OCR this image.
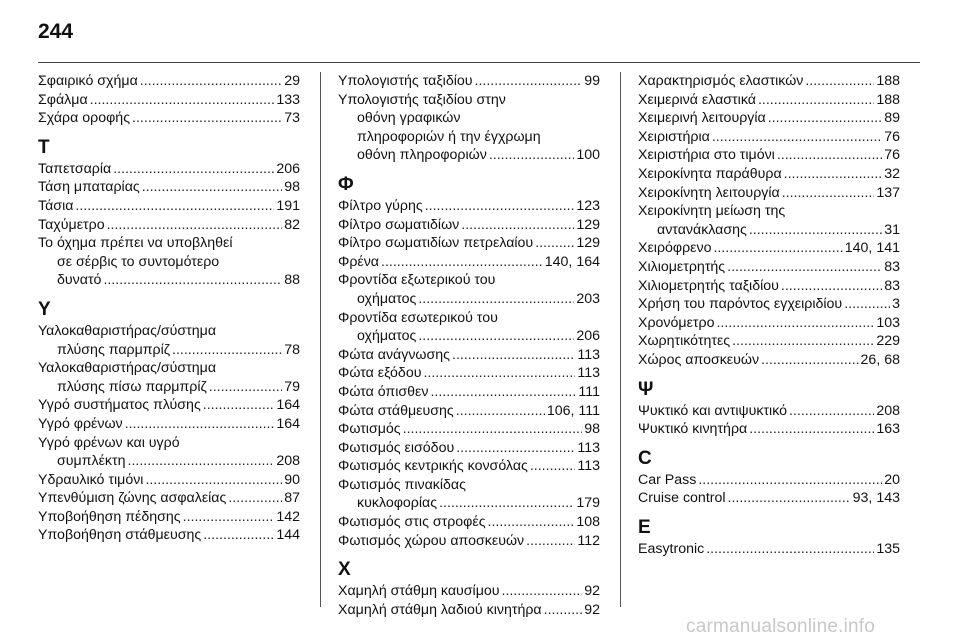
244
Σφαιρικό σχήμα .....	29
Σφάλμα .....	133
Σχάρα οροφής .....	73
Τ
Ταπετσαρία .....	206
Τάση μπαταρίας .....	98
Τάσια .....	191
Ταχύμετρο .....	82
Το όχημα πρέπει να υποβληθεί
σε σέρβις το συντομότερο
δυνατό .....	88
Υ
Υαλοκαθαριστήρας/σύστημα
πλύσης παρμπρίζ .....	78
Υαλοκαθαριστήρας/σύστημα
πλύσης πίσω παρμπρίζ .....	79
Υγρό συστήματος πλύσης .....	164
Υγρό φρένων .....	164
Υγρό φρένων και υγρό
συμπλέκτη .....	208
Υδραυλικό τιμόνι .....	90
Υπενθύμιση ζώνης ασφαλείας .....	87
Υποβοήθηση πέδησης .....	142
Υποβοήθηση στάθμευσης .....	144
Υπολογιστής ταξιδίου .....	99
Υπολογιστής ταξιδίου στην
οθόνη γραφικών
πληροφοριών ή την έγχρωμη
οθόνη πληροφοριών .....	100
Φ
Φίλτρο γύρης .....	123
Φίλτρο σωματιδίων .....	129
Φίλτρο σωματιδίων πετρελαίου .....	129
Φρένα .....	140, 164
Φροντίδα εξωτερικού του
οχήματος .....	203
Φροντίδα εσωτερικού του
οχήματος .....	206
Φώτα ανάγνωσης .....	113
Φώτα εξόδου .....	113
Φώτα όπισθεν .....	111
Φώτα στάθμευσης .....	106, 111
Φωτισμός .....	98
Φωτισμός εισόδου .....	113
Φωτισμός κεντρικής κονσόλας .....	113
Φωτισμός πινακίδας
κυκλοφορίας .....	179
Φωτισμός στις στροφές .....	108
Φωτισμός χώρου αποσκευών .....	112
Χ
Χαμηλή στάθμη καυσίμου .....	92
Χαμηλή στάθμη λαδιού κινητήρα .....	92
Χαρακτηρισμός ελαστικών .....	188
Χειμερινά ελαστικά .....	188
Χειμερινή λειτουργία .....	89
Χειριστήρια .....	76
Χειριστήρια στο τιμόνι .....	76
Χειροκίνητα παράθυρα .....	32
Χειροκίνητη λειτουργία .....	137
Χειροκίνητη μείωση της
αντανάκλασης .....	31
Χειρόφρενο .....	140, 141
Χιλιομετρητής .....	83
Χιλιομετρητής ταξιδίου .....	83
Χρήση του παρόντος εγχειριδίου .....	3
Χρονόμετρο .....	103
Χωρητικότητες .....	229
Χώρος αποσκευών .....	26, 68
Ψ
Ψυκτικό και αντιψυκτικό .....	208
Ψυκτικό κινητήρα .....	163
C
Car Pass .....	20
Cruise control .....	93, 143
E
Easytronic .....	135
carmanualsonline.info
